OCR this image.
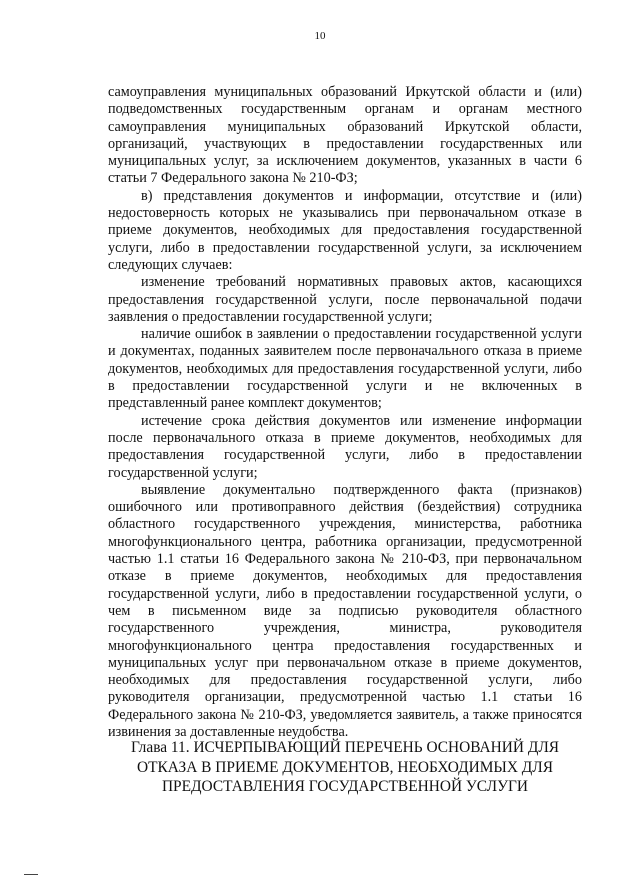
10

самоуправления муниципальных образований Иркутской области и (или) подведомственных государственным органам и органам местного самоуправления муниципальных образований Иркутской области, организаций, участвующих в предоставлении государственных или муниципальных услуг, за исключением документов, указанных в части 6 статьи 7 Федерального закона № 210-ФЗ;

в) представления документов и информации, отсутствие и (или) недостоверность которых не указывались при первоначальном отказе в приеме документов, необходимых для предоставления государственной услуги, либо в предоставлении государственной услуги, за исключением следующих случаев:

изменение требований нормативных правовых актов, касающихся предоставления государственной услуги, после первоначальной подачи заявления о предоставлении государственной услуги;

наличие ошибок в заявлении о предоставлении государственной услуги и документах, поданных заявителем после первоначального отказа в приеме документов, необходимых для предоставления государственной услуги, либо в предоставлении государственной услуги и не включенных в представленный ранее комплект документов;

истечение срока действия документов или изменение информации после первоначального отказа в приеме документов, необходимых для предоставления государственной услуги, либо в предоставлении государственной услуги;

выявление документально подтвержденного факта (признаков) ошибочного или противоправного действия (бездействия) сотрудника областного государственного учреждения, министерства, работника многофункционального центра, работника организации, предусмотренной частью 1.1 статьи 16 Федерального закона № 210-ФЗ, при первоначальном отказе в приеме документов, необходимых для предоставления государственной услуги, либо в предоставлении государственной услуги, о чем в письменном виде за подписью руководителя областного государственного учреждения, министра, руководителя многофункционального центра предоставления государственных и муниципальных услуг при первоначальном отказе в приеме документов, необходимых для предоставления государственной услуги, либо руководителя организации, предусмотренной частью 1.1 статьи 16 Федерального закона № 210-ФЗ, уведомляется заявитель, а также приносятся извинения за доставленные неудобства.

Глава 11. ИСЧЕРПЫВАЮЩИЙ ПЕРЕЧЕНЬ ОСНОВАНИЙ ДЛЯ
ОТКАЗА В ПРИЕМЕ ДОКУМЕНТОВ, НЕОБХОДИМЫХ ДЛЯ
ПРЕДОСТАВЛЕНИЯ ГОСУДАРСТВЕННОЙ УСЛУГИ
